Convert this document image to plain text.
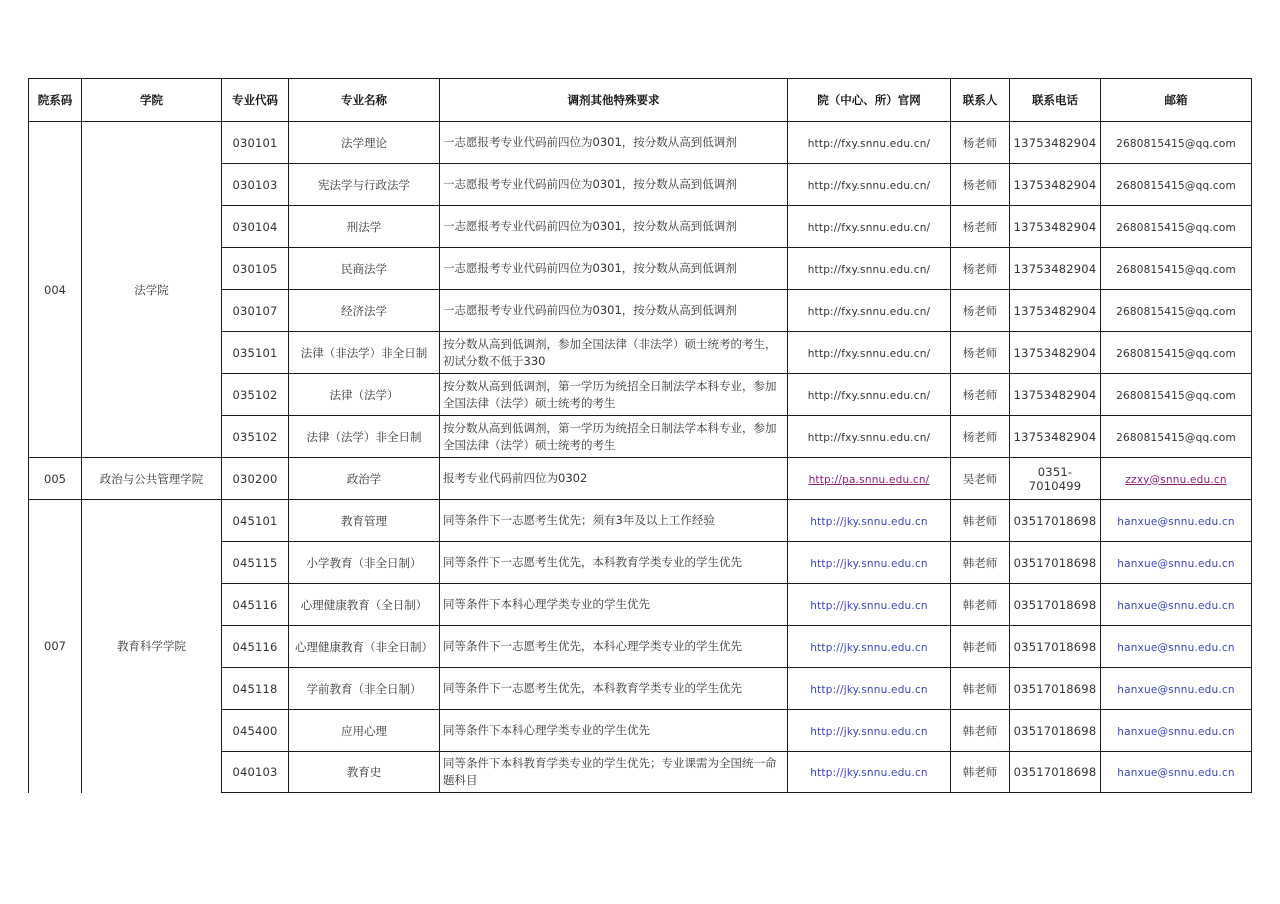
院系码	学院	专业代码	专业名称	调剂其他特殊要求	院（中心、所）官网	联系人	联系电话	邮箱
004	法学院	030101	法学理论	一志愿报考专业代码前四位为0301，按分数从高到低调剂	http://fxy.snnu.edu.cn/	杨老师	13753482904	2680815415@qq.com
		030103	宪法学与行政法学	一志愿报考专业代码前四位为0301，按分数从高到低调剂	http://fxy.snnu.edu.cn/	杨老师	13753482904	2680815415@qq.com
		030104	刑法学	一志愿报考专业代码前四位为0301，按分数从高到低调剂	http://fxy.snnu.edu.cn/	杨老师	13753482904	2680815415@qq.com
		030105	民商法学	一志愿报考专业代码前四位为0301，按分数从高到低调剂	http://fxy.snnu.edu.cn/	杨老师	13753482904	2680815415@qq.com
		030107	经济法学	一志愿报考专业代码前四位为0301，按分数从高到低调剂	http://fxy.snnu.edu.cn/	杨老师	13753482904	2680815415@qq.com
		035101	法律（非法学）非全日制	按分数从高到低调剂，参加全国法律（非法学）硕士统考的考生，初试分数不低于330	http://fxy.snnu.edu.cn/	杨老师	13753482904	2680815415@qq.com
		035102	法律（法学）	按分数从高到低调剂，第一学历为统招全日制法学本科专业，参加全国法律（法学）硕士统考的考生	http://fxy.snnu.edu.cn/	杨老师	13753482904	2680815415@qq.com
		035102	法律（法学）非全日制	按分数从高到低调剂，第一学历为统招全日制法学本科专业，参加全国法律（法学）硕士统考的考生	http://fxy.snnu.edu.cn/	杨老师	13753482904	2680815415@qq.com
005	政治与公共管理学院	030200	政治学	报考专业代码前四位为0302	http://pa.snnu.edu.cn/	吴老师	0351-7010499	zzxy@snnu.edu.cn
007	教育科学学院	045101	教育管理	同等条件下一志愿考生优先；须有3年及以上工作经验	http://jky.snnu.edu.cn	韩老师	03517018698	hanxue@snnu.edu.cn
		045115	小学教育（非全日制）	同等条件下一志愿考生优先，本科教育学类专业的学生优先	http://jky.snnu.edu.cn	韩老师	03517018698	hanxue@snnu.edu.cn
		045116	心理健康教育（全日制）	同等条件下本科心理学类专业的学生优先	http://jky.snnu.edu.cn	韩老师	03517018698	hanxue@snnu.edu.cn
		045116	心理健康教育（非全日制）	同等条件下一志愿考生优先，本科心理学类专业的学生优先	http://jky.snnu.edu.cn	韩老师	03517018698	hanxue@snnu.edu.cn
		045118	学前教育（非全日制）	同等条件下一志愿考生优先，本科教育学类专业的学生优先	http://jky.snnu.edu.cn	韩老师	03517018698	hanxue@snnu.edu.cn
		045400	应用心理	同等条件下本科心理学类专业的学生优先	http://jky.snnu.edu.cn	韩老师	03517018698	hanxue@snnu.edu.cn
		040103	教育史	同等条件下本科教育学类专业的学生优先；专业课需为全国统一命题科目	http://jky.snnu.edu.cn	韩老师	03517018698	hanxue@snnu.edu.cn
